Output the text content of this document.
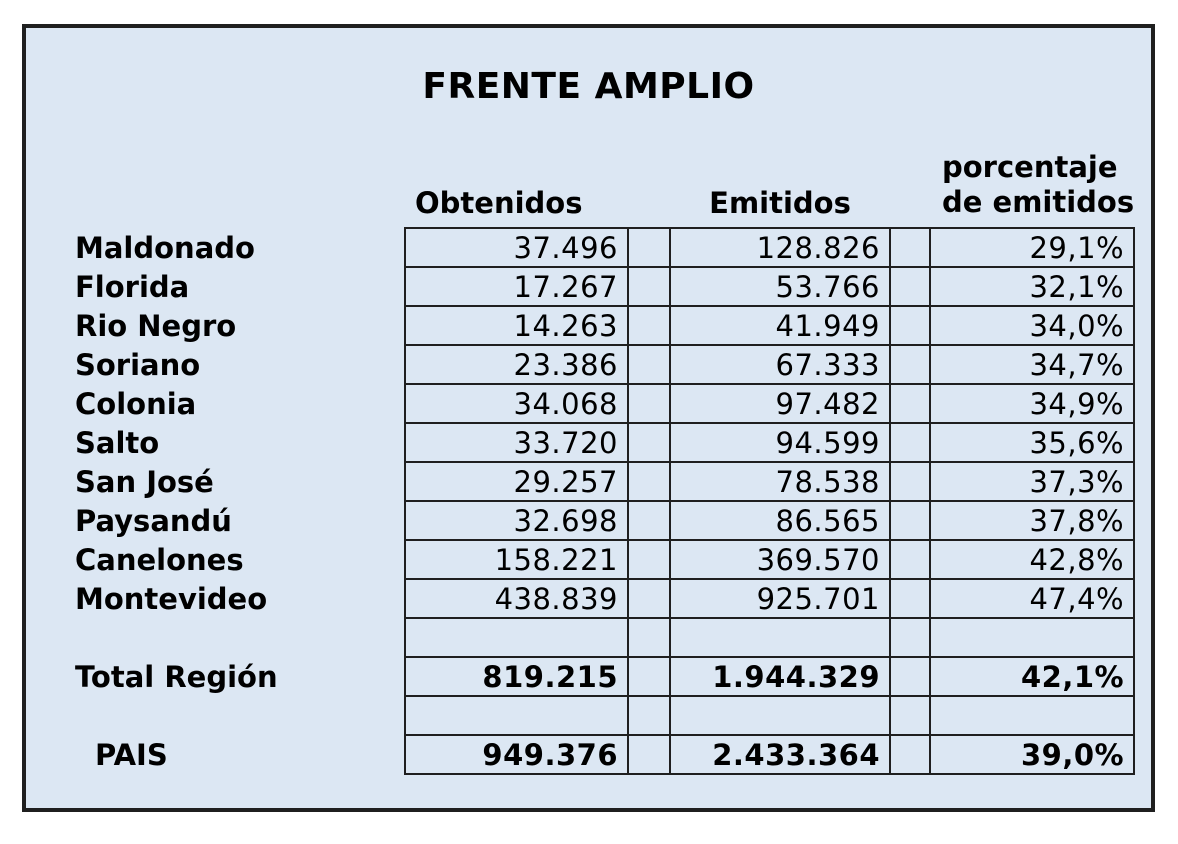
FRENTE AMPLIO
	Obtenidos		Emitidos		porcentaje
de emitidos

Maldonado	37.496		128.826		29,1%
Florida	17.267		53.766		32,1%
Rio Negro	14.263		41.949		34,0%
Soriano	23.386		67.333		34,7%
Colonia	34.068		97.482		34,9%
Salto	33.720		94.599		35,6%
San José	29.257		78.538		37,3%
Paysandú	32.698		86.565		37,8%
Canelones	158.221		369.570		42,8%
Montevideo	438.839		925.701		47,4%

Total Región	819.215		1.944.329		42,1%

PAIS	949.376		2.433.364		39,0%
